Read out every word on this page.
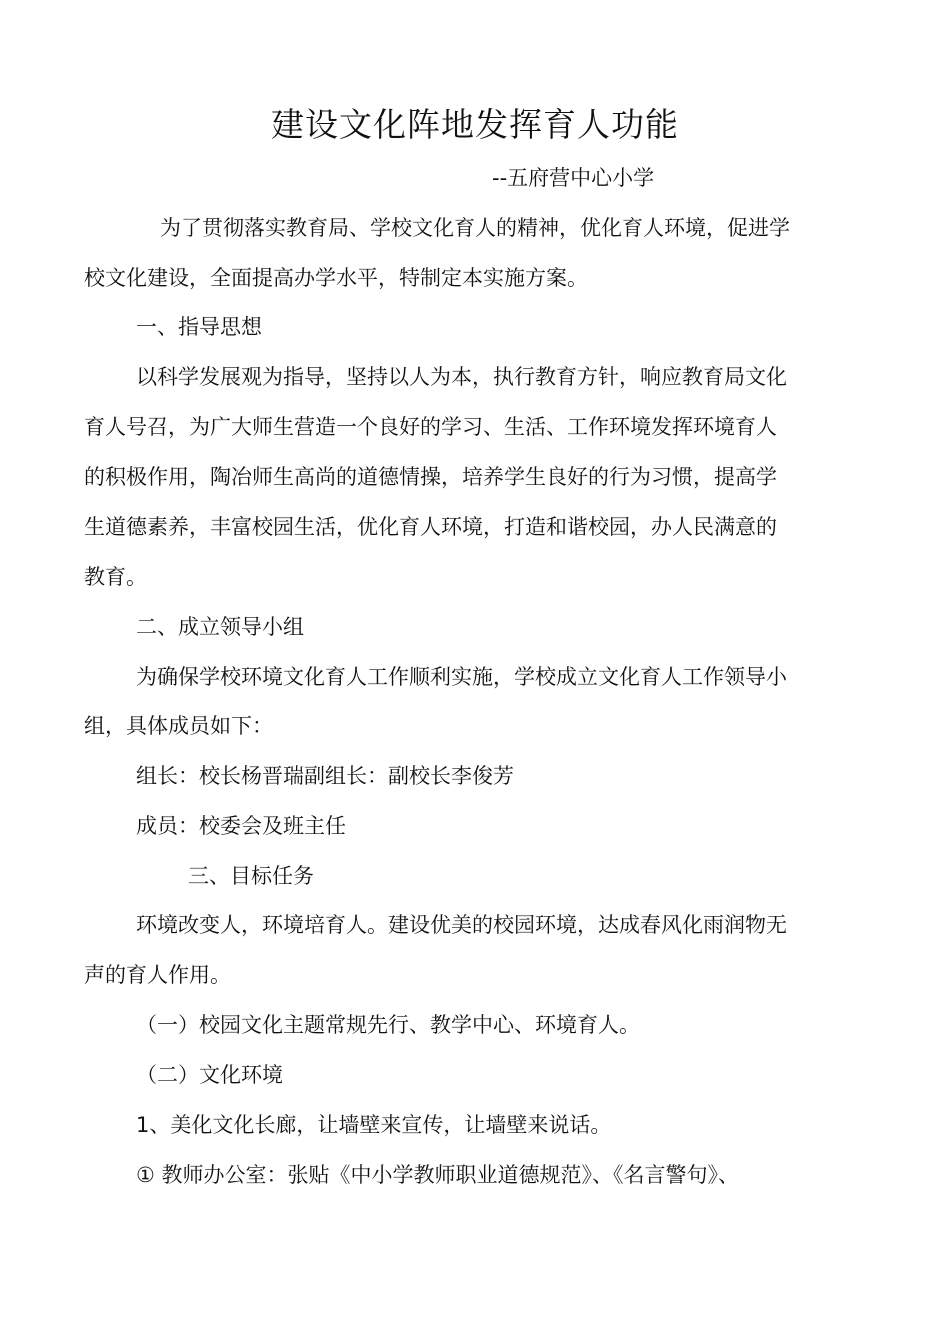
建设文化阵地发挥育人功能
--五府营中心小学
为了贯彻落实教育局、学校文化育人的精神，优化育人环境，促进学
校文化建设，全面提高办学水平，特制定本实施方案。
一、指导思想
以科学发展观为指导，坚持以人为本，执行教育方针，响应教育局文化
育人号召，为广大师生营造一个良好的学习、生活、工作环境发挥环境育人
的积极作用，陶冶师生高尚的道德情操，培养学生良好的行为习惯，提高学
生道德素养，丰富校园生活，优化育人环境，打造和谐校园，办人民满意的
教育。
二、成立领导小组
为确保学校环境文化育人工作顺利实施，学校成立文化育人工作领导小
组，具体成员如下：
组长：校长杨晋瑞副组长：副校长李俊芳
成员：校委会及班主任
三、目标任务
环境改变人，环境培育人。建设优美的校园环境，达成春风化雨润物无
声的育人作用。
（一）校园文化主题常规先行、教学中心、环境育人。
（二）文化环境
1、美化文化长廊，让墙壁来宣传，让墙壁来说话。
① 教师办公室：张贴《中小学教师职业道德规范》、《名言警句》、
